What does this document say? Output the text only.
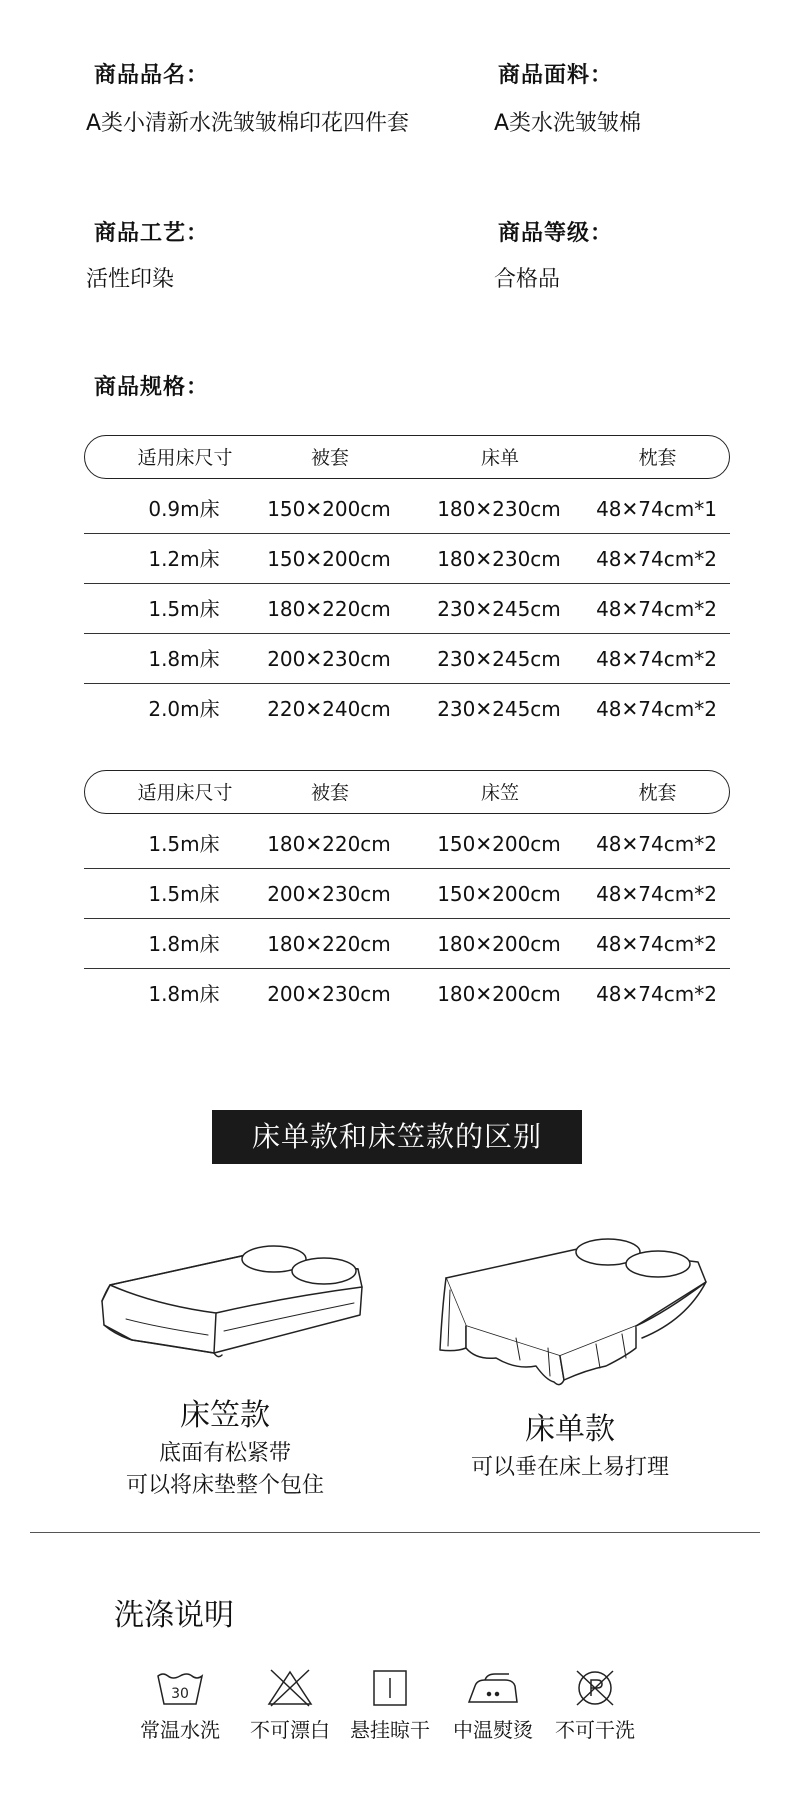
商品品名：
A类小清新水洗皱皱棉印花四件套
商品面料：
A类水洗皱皱棉
商品工艺：
活性印染
商品等级：
合格品
商品规格：
适用床尺寸	被套	床单	枕套
0.9m床	150✕200cm	180✕230cm	48✕74cm*1
1.2m床	150✕200cm	180✕230cm	48✕74cm*2
1.5m床	180✕220cm	230✕245cm	48✕74cm*2
1.8m床	200✕230cm	230✕245cm	48✕74cm*2
2.0m床	220✕240cm	230✕245cm	48✕74cm*2
适用床尺寸	被套	床笠	枕套
1.5m床	180✕220cm	150✕200cm	48✕74cm*2
1.5m床	200✕230cm	150✕200cm	48✕74cm*2
1.8m床	180✕220cm	180✕200cm	48✕74cm*2
1.8m床	200✕230cm	180✕200cm	48✕74cm*2
床单款和床笠款的区别
床笠款
底面有松紧带
可以将床垫整个包住
床单款
可以垂在床上易打理
洗涤说明
30
常温水洗	不可漂白	悬挂晾干	中温熨烫	不可干洗
